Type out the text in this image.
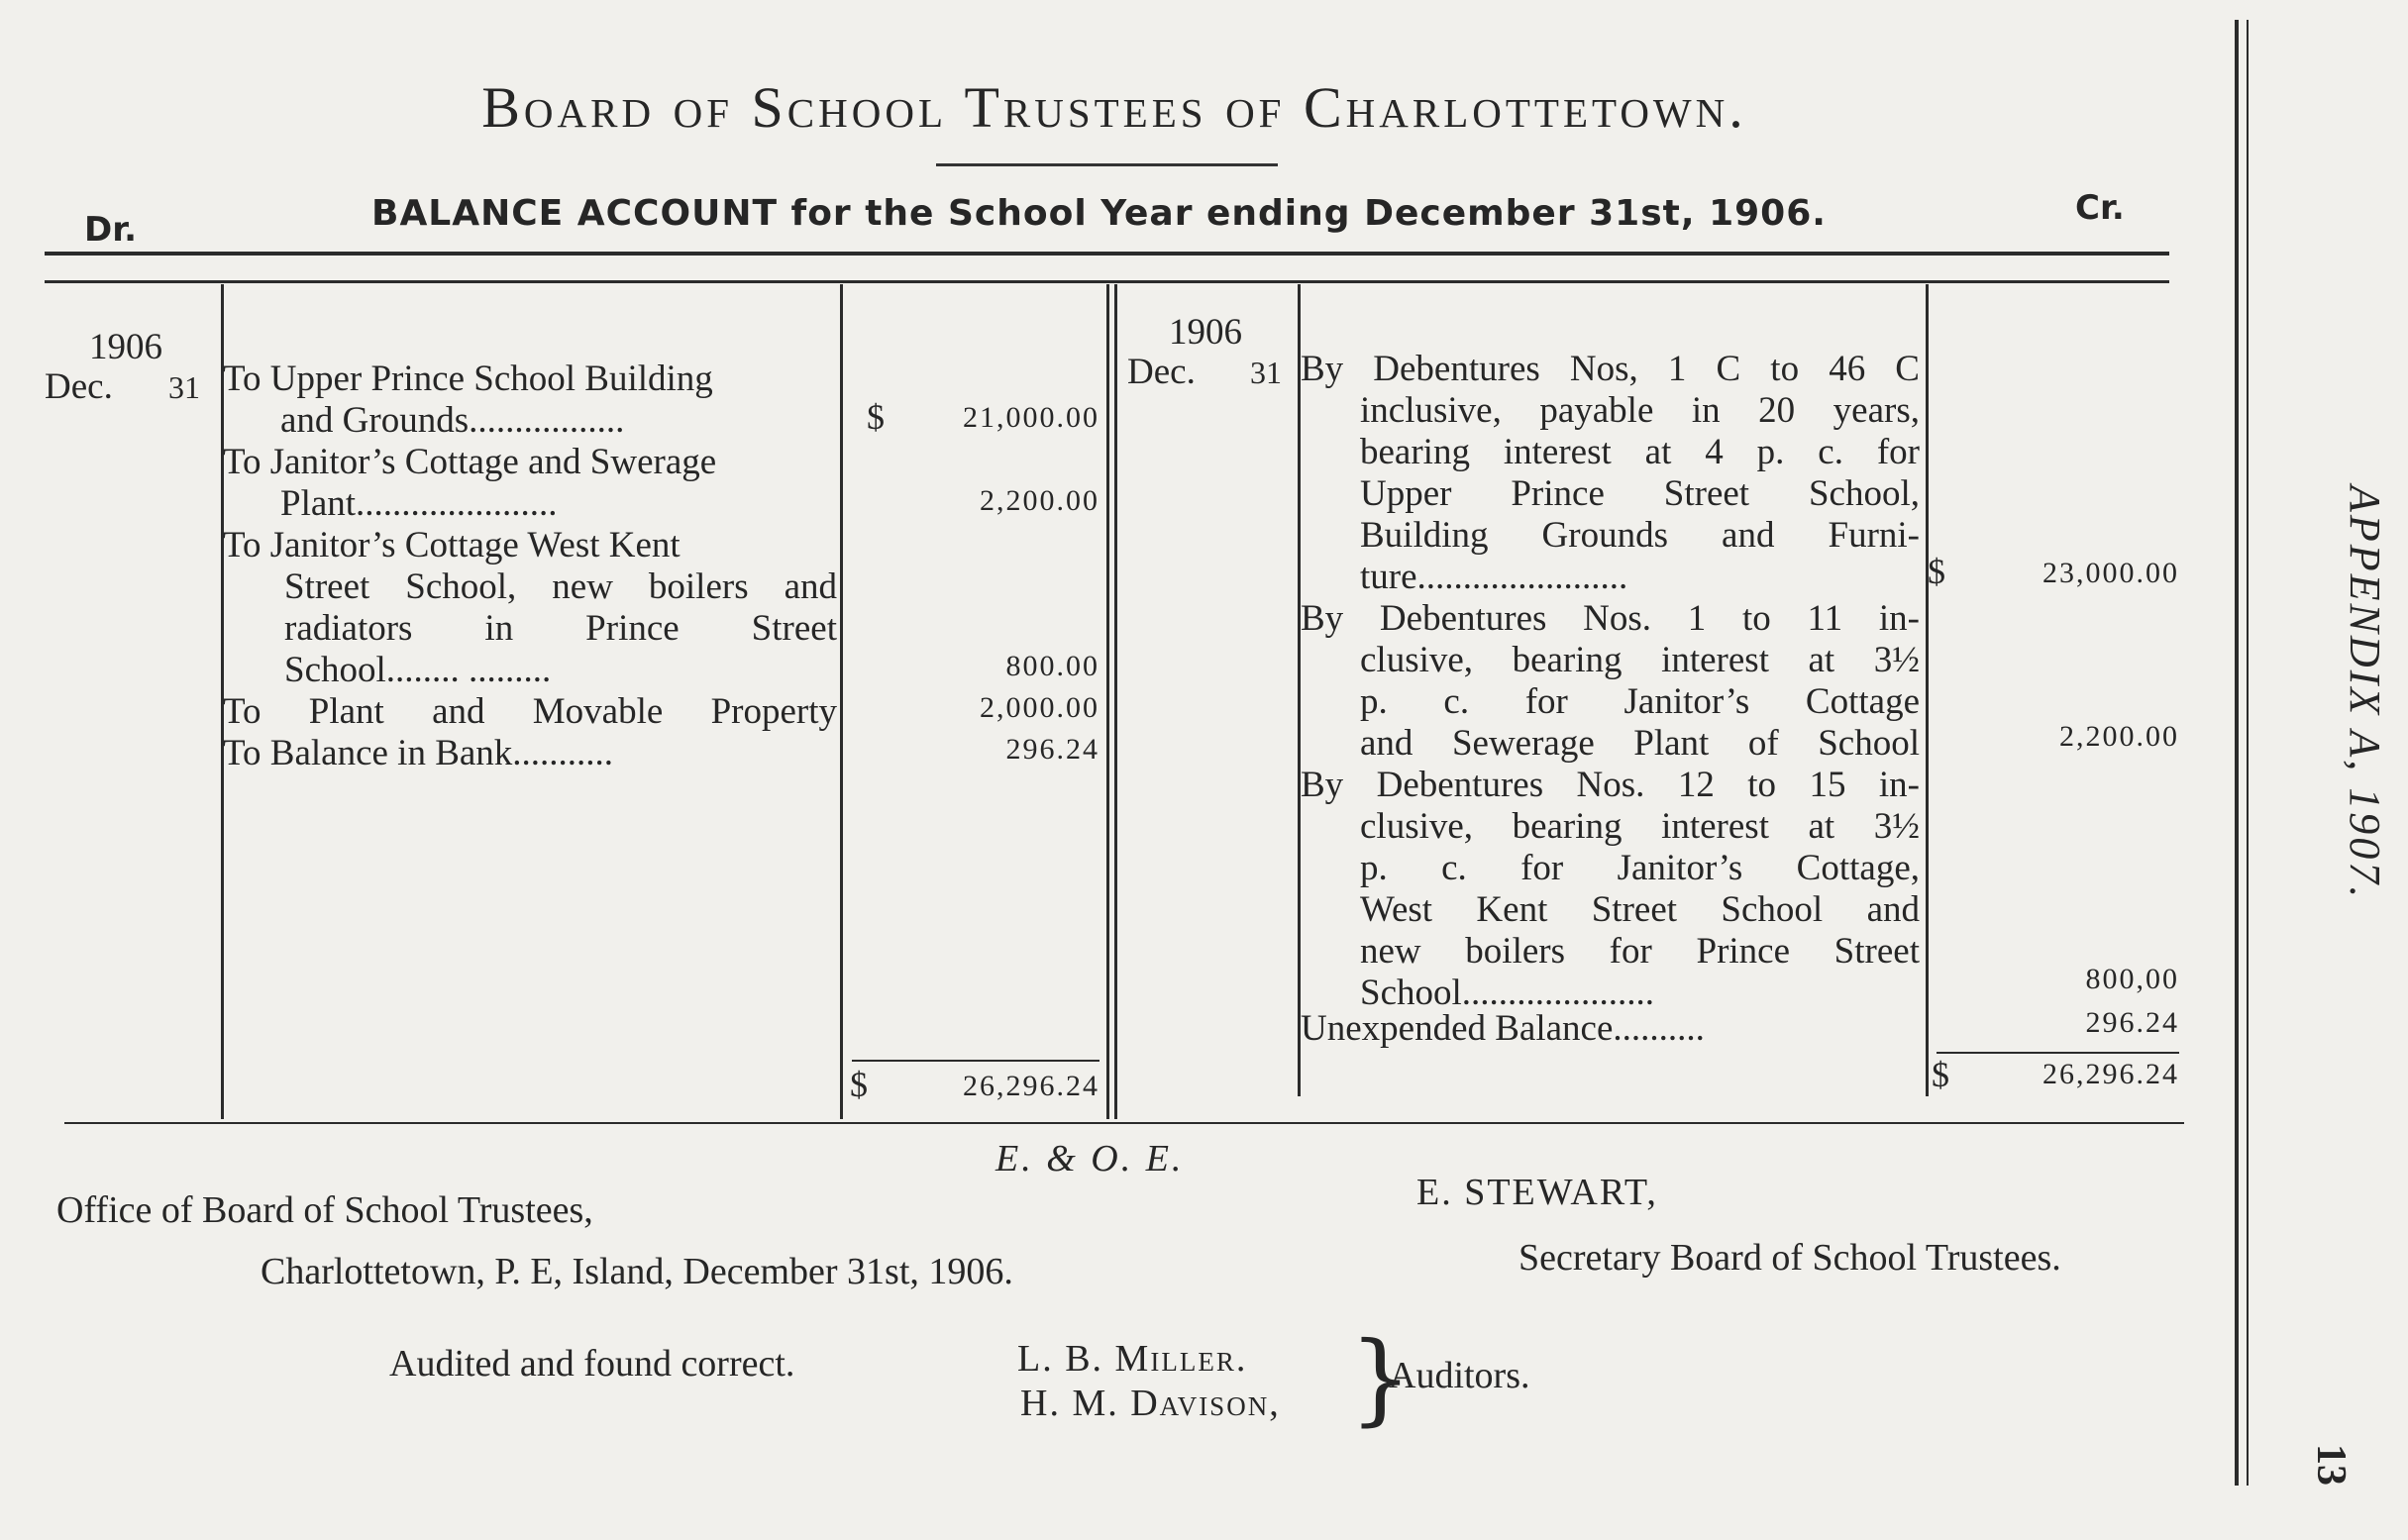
Board of School Trustees of Charlottetown.
Dr.	BALANCE ACCOUNT for the School Year ending December 31st, 1906.	Cr.
1906
Dec. 31 To Upper Prince School Building
and Grounds.................	$	21,000.00
To Janitor’s Cottage and Swerage
Plant......................	2,200.00
To Janitor’s Cottage West Kent
Street School, new boilers and
radiators in Prince Street
School........ .........	800.00
To Plant and Movable Property	2,000.00
To Balance in Bank...........	296.24
$	26,296.24
1906
Dec. 31 By Debentures Nos, 1 C to 46 C
inclusive, payable in 20 years,
bearing interest at 4 p. c. for
Upper Prince Street School,
Building Grounds and Furni-
ture.......................	$	23,000.00
By Debentures Nos. 1 to 11 in-
clusive, bearing interest at 3½
p. c. for Janitor’s Cottage
and Sewerage Plant of School	2,200.00
By Debentures Nos. 12 to 15 in-
clusive, bearing interest at 3½
p. c. for Janitor’s Cottage,
West Kent Street School and
new boilers for Prince Street
School.....................	800,00
Unexpended Balance..........	296.24
$	26,296.24
E. & O. E.
Office of Board of School Trustees,
Charlottetown, P. E, Island, December 31st, 1906.
E. STEWART,
Secretary Board of School Trustees.
Audited and found correct.	L. B. Miller.
H. M. Davison, }
Auditors.
APPENDIX A, 1907.
13
